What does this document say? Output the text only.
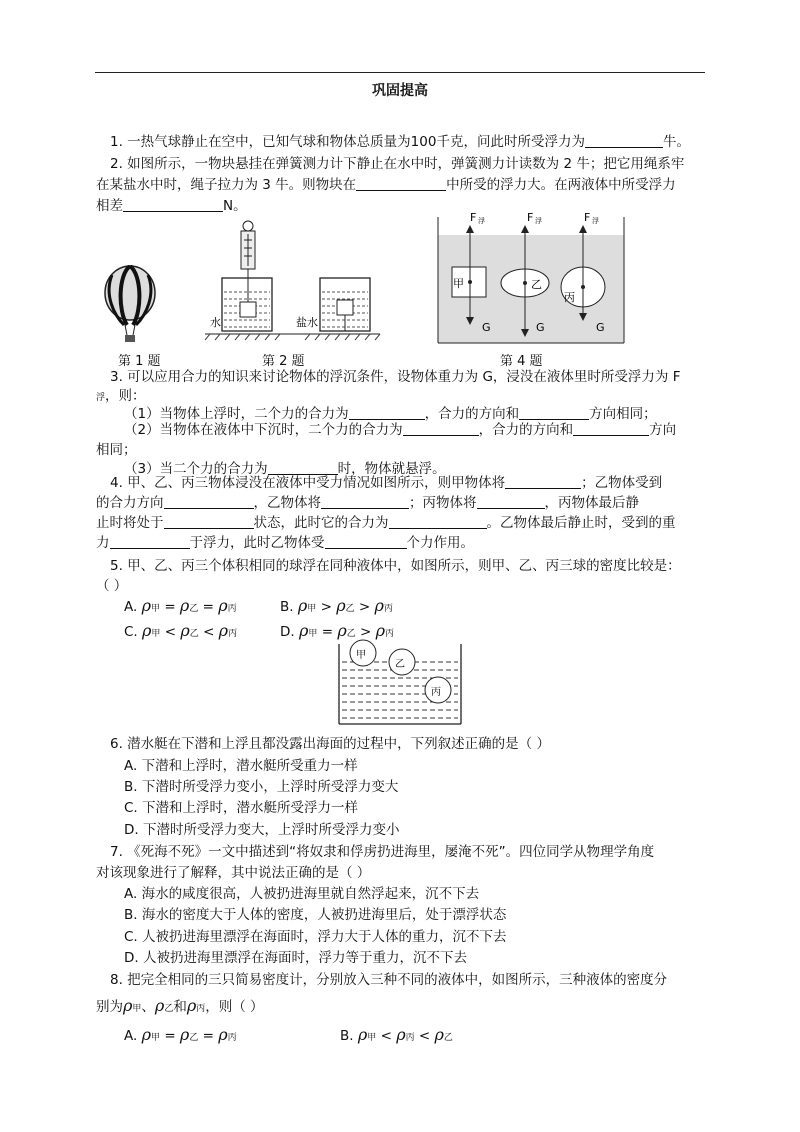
巩固提高
1. 一热气球静止在空中，已知气球和物体总质量为100千克，问此时所受浮力为	牛。
2. 如图所示，一物块悬挂在弹簧测力计下静止在水中时，弹簧测力计读数为 2 牛；把它用绳系牢
在某盐水中时，绳子拉力为 3 牛。则物块在	中所受的浮力大。在两液体中所受浮力
相差	N。
水	盐水
F 浮	F 浮	F 浮
甲
G
乙
G
丙
G
第 1 题	第 2 题	第 4 题
3. 可以应用合力的知识来讨论物体的浮沉条件，设物体重力为 G，浸没在液体里时所受浮力为 F
浮，则：
（1）当物体上浮时，二个力的合力为	，合力的方向和	方向相同；
（2）当物体在液体中下沉时，二个力的合力为	，合力的方向和	方向
相同；
（3）当二个力的合力为	时，物体就悬浮。
4. 甲、乙、丙三物体浸没在液体中受力情况如图所示，则甲物体将	；乙物体受到
的合力方向	，乙物体将	；丙物体将	，丙物体最后静
止时将处于	状态，此时它的合力为	。乙物体最后静止时，受到的重
力	于浮力，此时乙物体受	个力作用。
5. 甲、乙、丙三个体积相同的球浮在同种液体中，如图所示，则甲、乙、丙三球的密度比较是：
（ ）
A. ρ甲 = ρ乙 = ρ丙	B. ρ甲 > ρ乙 > ρ丙
C. ρ甲 < ρ乙 < ρ丙	D. ρ甲 = ρ乙 > ρ丙
甲
乙
丙
6. 潜水艇在下潜和上浮且都没露出海面的过程中，下列叙述正确的是（ ）
A. 下潜和上浮时，潜水艇所受重力一样
B. 下潜时所受浮力变小，上浮时所受浮力变大
C. 下潜和上浮时，潜水艇所受浮力一样
D. 下潜时所受浮力变大，上浮时所受浮力变小
7. 《死海不死》一文中描述到“将奴隶和俘虏扔进海里，屡淹不死”。四位同学从物理学角度
对该现象进行了解释，其中说法正确的是（ ）
A. 海水的咸度很高，人被扔进海里就自然浮起来，沉不下去
B. 海水的密度大于人体的密度，人被扔进海里后，处于漂浮状态
C. 人被扔进海里漂浮在海面时，浮力大于人体的重力，沉不下去
D. 人被扔进海里漂浮在海面时，浮力等于重力，沉不下去
8. 把完全相同的三只简易密度计，分别放入三种不同的液体中，如图所示，三种液体的密度分
别为ρ甲、ρ乙和ρ丙，则（ ）
A. ρ甲 = ρ乙 = ρ丙	B. ρ甲 < ρ丙 < ρ乙
